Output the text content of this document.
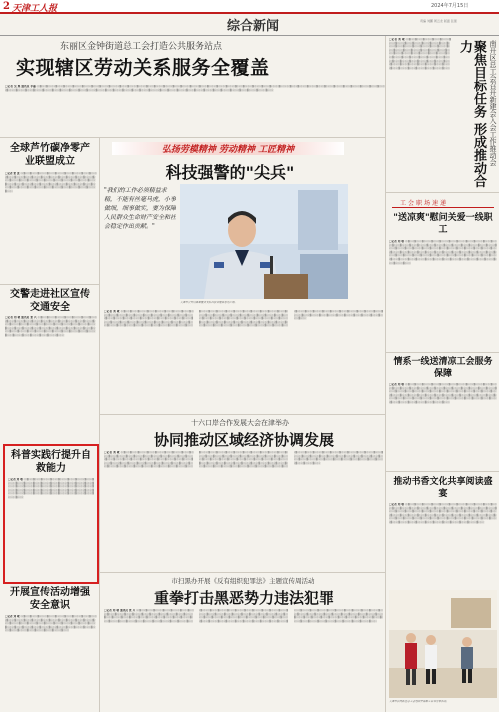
2 天津工人报	2024年7月15日
综合新闻	责编 刘鹏 周云龙 版面 张蕾
东丽区金钟街道总工会打造公共服务站点
实现辖区劳动关系服务全覆盖
□记者 吴 瑛 通讯员 李丽 ░░▒░░░▒░░░░░▒░░░░▒░░░░░▒░░░░░▒░░░░░▒░░░░▒░░░░░▒░░░░░░▒░░░░▒░░░░░▒░░░░░▒░░░░▒░░░░░▒░░░░░▒░░░░▒░░░░░▒░░░░░▒░░░░▒░░░░░▒░░░░░▒░░░░░▒░░░░▒░░░░░▒░░░░░▒░░░░▒░░░░░▒░░░░░░▒░░░░▒░░░░░▒░░░░░▒░░░░▒░░░░░▒░░░░░▒░░░░▒░░░░░▒░░░░░▒░░░░▒░░░░░▒░░░░░▒░░░░░▒░░░░▒░░░░░▒░░░░░▒░░░░▒░░░░░▒░░░░░▒░░░░▒░░░░░▒░░░░░▒░░░░▒░░░░░▒░░░░░▒░░░░▒░░░░░▒░░░░░░▒░░░░▒░░░░░▒░░░░░▒░░░░▒░░░░░▒░░░░░▒░░░░▒░░░░░▒░░░░░▒░░░░▒░░░░░▒░░░░░▒░░░░
全球芦竹碳净零产业联盟成立
□记者 张 进 ░░▒░░░▒░░░░▒░░░░░▒░░░░▒░░░░░▒░░░░▒░░░░░▒░░░░▒░░░░░▒░░░░▒░░░░░▒░░░░▒░░░░░▒░░░░▒░░░░░▒░░░░▒░░░░░▒░░░░▒░░░░░▒░░░░▒░░░░░▒░░░░▒░░░░░▒░░░░▒░░░░░▒░░░░▒░░░░░▒░░░░▒░░░░░▒░░░░▒░░░░░▒░░░░▒░░░░░▒░░░░▒░░░░░▒░░░░▒░░░░░▒░░░░▒░░░░░▒░░░░▒░░░░░▒░░░░▒░░░░░▒░░░░▒░░░░░▒░░░░▒░░░░░▒░░░░▒░░░░░▒░░░░▒░░░░░▒░░░░
交警走进社区宣传交通安全
□记者 刘 敬 通讯员 张 兴 ░░▒░░░▒░░░░▒░░░░░▒░░░░▒░░░░░▒░░░░▒░░░░░▒░░░░▒░░░░░▒░░░░▒░░░░░▒░░░░▒░░░░░▒░░░░▒░░░░░▒░░░░▒░░░░░▒░░░░▒░░░░░▒░░░░▒░░░░░▒░░░░▒░░░░░▒░░░░▒░░░░░▒░░░░▒░░░░░▒░░░░▒░░░░░▒░░░░▒░░░░░▒░░░░▒░░░░░▒░░░░▒░░░░░▒░░░░▒░░░░░▒░░░░▒░░░░░▒░░░░▒░░░░░▒░░░░▒░░░░░▒░░░░▒░░░░░▒░░░░▒░░░░░▒░░░░▒░░░░░▒░░░░▒░░░░░▒░░░░▒░░░░░▒░░░░▒░░░░░▒░░░░
科普实践行提升自救能力
□记者 刘 敬 ░░▒░░░▒░░░░▒░░░░░▒░░░░▒░░░░░▒░░░░▒░░░░░▒░░░░▒░░░░░▒░░░░▒░░░░░▒░░░░▒░░░░░▒░░░░▒░░░░░▒░░░░▒░░░░░▒░░░░▒░░░░░▒░░░░▒░░░░░▒░░░░▒░░░░░▒░░░░▒░░░░░▒░░░░▒░░░░░▒░░░░▒░░░░░▒░░░░▒░░░░░▒░░░░▒░░░░░▒░░░░▒░░░░░▒░░░░▒░░░░░▒░░░░▒░░░░░▒░░░░▒░░░░░▒░░░░▒░░░░░▒░░░░▒░░░░░▒░░░░▒░░░░░▒░░░░▒░░░░░▒░░░░
开展宣传活动增强安全意识
□记者 刘 敬 ░░▒░░░▒░░░░▒░░░░░▒░░░░▒░░░░░▒░░░░▒░░░░░▒░░░░▒░░░░░▒░░░░▒░░░░░▒░░░░▒░░░░░▒░░░░▒░░░░░▒░░░░▒░░░░░▒░░░░▒░░░░░▒░░░░▒░░░░░▒░░░░▒░░░░░▒░░░░▒░░░░░▒░░░░▒░░░░░▒░░░░▒░░░░░▒░░░░▒░░░░░▒░░░░▒░░░░░▒░░░░▒░░░░░▒░░░░▒░░░░░▒░░░░▒░░░░░▒░░░░▒░░░░░▒░░░░▒░░░░░▒░░░░▒░░░░░▒░░░░▒░░░░░▒░░░░
弘扬劳模精神 劳动精神 工匠精神
科技强警的"尖兵"
"我们的工作必须精益求精，不能有丝毫马虎，小事做细，细事做实，要为保障人民群众生命财产安全和社会稳定作出贡献。"
天津市公安局某某警务支队科技管理信息化应用。
□记者 刘 敬 ░░▒░░░▒░░░░▒░░░░░▒░░░░▒░░░░░▒░░░░▒░░░░░▒░░░░▒░░░░░▒░░░░▒░░░░░▒░░░░▒░░░░░▒░░░░▒░░░░░▒░░░░▒░░░░░▒░░░░▒░░░░░▒░░░░▒░░░░░▒░░░░▒░░░░░▒░░░░▒░░░░░▒░░░░▒░░░░░▒░░░░▒░░░░░▒░░░░▒░░░░░▒░░░░▒░░░░░▒░░░░▒░░░░░▒░░░░▒░░░░░▒░░░░▒░░░░░▒░░░░▒░░░░░▒░░░░▒░░░░░▒░░░░▒░░░░░▒░░░░▒░░░░░▒░░░░▒░░░░░▒░░░░▒░░░░░▒░░░░▒░░░░░▒░░░░▒░░░░░▒░░░░▒░░░░░▒░░░░▒░░░░░▒░░░░▒░░░░░▒░░░░▒░░░░░▒░░░░▒░░░░░▒░░░░▒░░░░░▒░░░░▒░░░░░▒░░░░▒░░░░░▒░░░░▒░░░░░▒░░░░▒░░░░░▒░░░░▒░░░░░▒░░░░▒░░░░░▒░░░░▒░░░░░▒░░░░▒░░░░░▒░░░░▒░░░░░▒░░░░▒░░░░░▒░░░░▒░░░░░▒░░░░▒░░░░░▒░░░░▒░░░░░▒░░░░▒░░░░░▒░░░░▒░░░░░▒░░░░▒░░░░░▒░░░░▒░░░░░▒░░░░▒░░░░░▒░░░░▒░░░░░▒░░░░▒░░░░░▒░░░░▒░░░░░▒░░░░▒░░░░░▒░░░░▒░░░░░▒░░░░▒░░░░░▒░░░░▒░░░░░▒░░░░▒░░░░░▒░░░░▒░░░░░▒░░░░▒░░░░░▒░░░░
十六口岸合作发展大会在津举办
协同推动区域经济协调发展
□记者 刘 敬 ░░▒░░░▒░░░░▒░░░░░▒░░░░▒░░░░░▒░░░░▒░░░░░▒░░░░▒░░░░░▒░░░░▒░░░░░▒░░░░▒░░░░░▒░░░░▒░░░░░▒░░░░▒░░░░░▒░░░░▒░░░░░▒░░░░▒░░░░░▒░░░░▒░░░░░▒░░░░▒░░░░░▒░░░░▒░░░░░▒░░░░▒░░░░░▒░░░░▒░░░░░▒░░░░▒░░░░░▒░░░░▒░░░░░▒░░░░▒░░░░░▒░░░░▒░░░░░▒░░░░▒░░░░░▒░░░░▒░░░░░▒░░░░▒░░░░░▒░░░░▒░░░░░▒░░░░▒░░░░░▒░░░░▒░░░░░▒░░░░▒░░░░░▒░░░░▒░░░░░▒░░░░▒░░░░░▒░░░░▒░░░░░▒░░░░▒░░░░░▒░░░░▒░░░░░▒░░░░▒░░░░░▒░░░░▒░░░░░▒░░░░▒░░░░░▒░░░░▒░░░░░▒░░░░▒░░░░░▒░░░░▒░░░░░▒░░░░▒░░░░░▒░░░░▒░░░░░▒░░░░▒░░░░░▒░░░░▒░░░░░▒░░░░▒░░░░░▒░░░░▒░░░░░▒░░░░▒░░░░░▒░░░░▒░░░░░▒░░░░▒░░░░░▒░░░░▒░░░░░▒░░░░▒░░░░░▒░░░░▒░░░░░▒░░░░▒░░░░░▒░░░░▒░░░░░▒░░░░▒░░░░░▒░░░░▒░░░░░▒░░░░▒░░░░░▒░░░░▒░░░░░▒░░░░▒░░░░░▒░░░░▒░░░░░▒░░░░▒░░░░░▒░░░░▒░░░░░▒░░░░▒░░░░░▒░░░░▒░░░░░▒░░░░▒░░░░░▒░░░░▒░░░░░▒░░░░▒░░░░░▒░░░░▒░░░░░▒░░░░▒░░░░░▒░░░░▒░░░░░▒░░░░
市扫黑办开展《反有组织犯罪法》主题宣传周活动
重拳打击黑恶势力违法犯罪
□记者 刘 敬 通讯员 张 兴 ░░▒░░░▒░░░░▒░░░░░▒░░░░▒░░░░░▒░░░░▒░░░░░▒░░░░▒░░░░░▒░░░░▒░░░░░▒░░░░▒░░░░░▒░░░░▒░░░░░▒░░░░▒░░░░░▒░░░░▒░░░░░▒░░░░▒░░░░░▒░░░░▒░░░░░▒░░░░▒░░░░░▒░░░░▒░░░░░▒░░░░▒░░░░░▒░░░░▒░░░░░▒░░░░▒░░░░░▒░░░░▒░░░░░▒░░░░▒░░░░░▒░░░░▒░░░░░▒░░░░▒░░░░░▒░░░░▒░░░░░▒░░░░▒░░░░░▒░░░░▒░░░░░▒░░░░▒░░░░░▒░░░░▒░░░░░▒░░░░▒░░░░░▒░░░░▒░░░░░▒░░░░▒░░░░░▒░░░░▒░░░░░▒░░░░▒░░░░░▒░░░░▒░░░░░▒░░░░▒░░░░░▒░░░░▒░░░░░▒░░░░▒░░░░░▒░░░░▒░░░░░▒░░░░▒░░░░░▒░░░░▒░░░░░▒░░░░▒░░░░░▒░░░░▒░░░░░▒░░░░▒░░░░░▒░░░░▒░░░░░▒░░░░▒░░░░░▒░░░░▒░░░░░▒░░░░▒░░░░░▒░░░░▒░░░░░▒░░░░▒░░░░░▒░░░░▒░░░░░▒░░░░▒░░░░░▒░░░░▒░░░░░▒░░░░▒░░░░░▒░░░░▒░░░░░▒░░░░▒░░░░░▒░░░░▒░░░░░▒░░░░▒░░░░░▒░░░░▒░░░░░▒░░░░▒░░░░░▒░░░░▒░░░░░▒░░░░▒░░░░░▒░░░░▒░░░░░▒░░░░
□记者 刘 敬 ░░▒░░░▒░░░░▒░░░░░▒░░░░▒░░░░░▒░░░░▒░░░░░▒░░░░▒░░░░░▒░░░░▒░░░░░▒░░░░▒░░░░░▒░░░░▒░░░░░▒░░░░▒░░░░░▒░░░░▒░░░░░▒░░░░▒░░░░░▒░░░░▒░░░░░▒░░░░▒░░░░░▒░░░░▒░░░░░▒░░░░▒░░░░░▒░░░░▒░░░░░▒░░░░▒░░░░░▒░░░░▒░░░░░▒░░░░▒░░░░░▒░░░░▒░░░░░▒░░░░▒░░░░░▒░░░░▒░░░░░▒░░░░▒░░░░░▒░░░░▒░░░░░▒░░░░▒░░░░░▒░░░░▒░░░░░▒░░░░▒░░░░░▒░░░░▒░░░░░▒░░░░▒░░░░░▒░░░░▒░░░░░▒░░░░▒░░░░░▒░░░░	聚焦目标任务 形成推动合力	南开区总工会召开新建会入会工作推动会
工会职场速递
"送凉爽"慰问关爱一线职工
□记者 刘 敬 ░░▒░░░▒░░░░▒░░░░░▒░░░░▒░░░░░▒░░░░▒░░░░░▒░░░░▒░░░░░▒░░░░▒░░░░░▒░░░░▒░░░░░▒░░░░▒░░░░░▒░░░░▒░░░░░▒░░░░▒░░░░░▒░░░░▒░░░░░▒░░░░▒░░░░░▒░░░░▒░░░░░▒░░░░▒░░░░░▒░░░░▒░░░░░▒░░░░▒░░░░░▒░░░░▒░░░░░▒░░░░▒░░░░░▒░░░░▒░░░░░▒░░░░▒░░░░░▒░░░░▒░░░░░▒░░░░▒░░░░░▒░░░░▒░░░░░▒░░░░▒░░░░░▒░░░░▒░░░░░▒░░░░▒░░░░░▒░░░░▒░░░░░▒░░░░▒░░░░░▒░░░░▒░░░░░▒░░░░▒░░░░░▒░░░░▒░░░░░▒░░░░▒░░░░░▒░░░░▒░░░░░▒░░░░▒░░░░░▒░░░░▒░░░░░▒░░░░▒░░░░░▒░░░░▒░░░░░▒░░░░▒░░░░░▒░░░░
情系一线送清凉工会服务保障
□记者 刘 敬 ░░▒░░░▒░░░░▒░░░░░▒░░░░▒░░░░░▒░░░░▒░░░░░▒░░░░▒░░░░░▒░░░░▒░░░░░▒░░░░▒░░░░░▒░░░░▒░░░░░▒░░░░▒░░░░░▒░░░░▒░░░░░▒░░░░▒░░░░░▒░░░░▒░░░░░▒░░░░▒░░░░░▒░░░░▒░░░░░▒░░░░▒░░░░░▒░░░░▒░░░░░▒░░░░▒░░░░░▒░░░░▒░░░░░▒░░░░▒░░░░░▒░░░░▒░░░░░▒░░░░▒░░░░░▒░░░░▒░░░░░▒░░░░▒░░░░░▒░░░░▒░░░░░▒░░░░▒░░░░░▒░░░░▒░░░░░▒░░░░▒░░░░░▒░░░░▒░░░░░▒░░░░▒░░░░░▒░░░░▒░░░░░▒░░░░▒░░░░░▒░░░░▒░░░░░▒░░░░▒░░░░░▒░░░░▒░░░░░▒░░░░
推动书香文化共享阅读盛宴
□记者 刘 敬 ░░▒░░░▒░░░░▒░░░░░▒░░░░▒░░░░░▒░░░░▒░░░░░▒░░░░▒░░░░░▒░░░░▒░░░░░▒░░░░▒░░░░░▒░░░░▒░░░░░▒░░░░▒░░░░░▒░░░░▒░░░░░▒░░░░▒░░░░░▒░░░░▒░░░░░▒░░░░▒░░░░░▒░░░░▒░░░░░▒░░░░▒░░░░░▒░░░░▒░░░░░▒░░░░▒░░░░░▒░░░░▒░░░░░▒░░░░▒░░░░░▒░░░░▒░░░░░▒░░░░▒░░░░░▒░░░░▒░░░░░▒░░░░▒░░░░░▒░░░░▒░░░░░▒░░░░▒░░░░░▒░░░░▒░░░░░▒░░░░▒░░░░░▒░░░░▒░░░░░▒░░░░▒░░░░░▒░░░░▒░░░░░▒░░░░▒░░░░░▒░░░░▒░░░░░▒░░░░▒░░░░░▒░░░░▒░░░░░▒░░░░▒░░░░░▒░░░░▒░░░░░▒░░░░
天津市滨海新区总工会组织开展职工读书分享活动。
